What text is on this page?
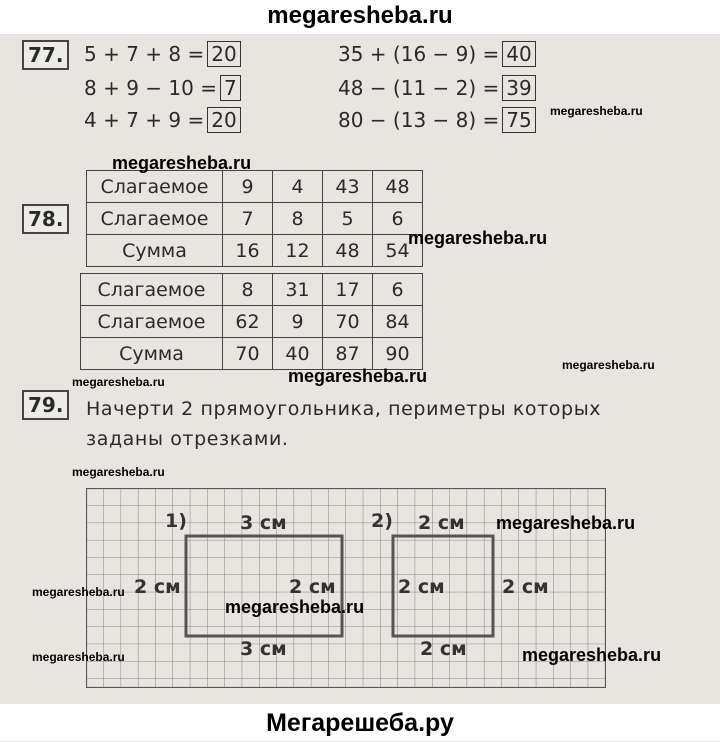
megaresheba.ru
77.	5 + 7 + 8 = 20
8 + 9 − 10 = 7
4 + 7 + 9 = 20
35 + (16 − 9) = 40
48 − (11 − 2) = 39
80 − (13 − 8) = 75
78.
Слагаемое	9	4	43	48
Слагаемое	7	8	5	6
Сумма	16	12	48	54
Слагаемое	8	31	17	6
Слагаемое	62	9	70	84
Сумма	70	40	87	90
79.	Начерти 2 прямоугольника, периметры которых заданы отрезками.
1)	3 см
2 см	2 см
3 см
2) 2 см
2 см	2 см
2 см
megaresheba.ru
megaresheba.ru
megaresheba.ru
megaresheba.ru
megaresheba.ru	megaresheba.ru
megaresheba.ru
megaresheba.ru
megaresheba.ru
megaresheba.ru
megaresheba.ru	megaresheba.ru
Мегарешеба.ру
